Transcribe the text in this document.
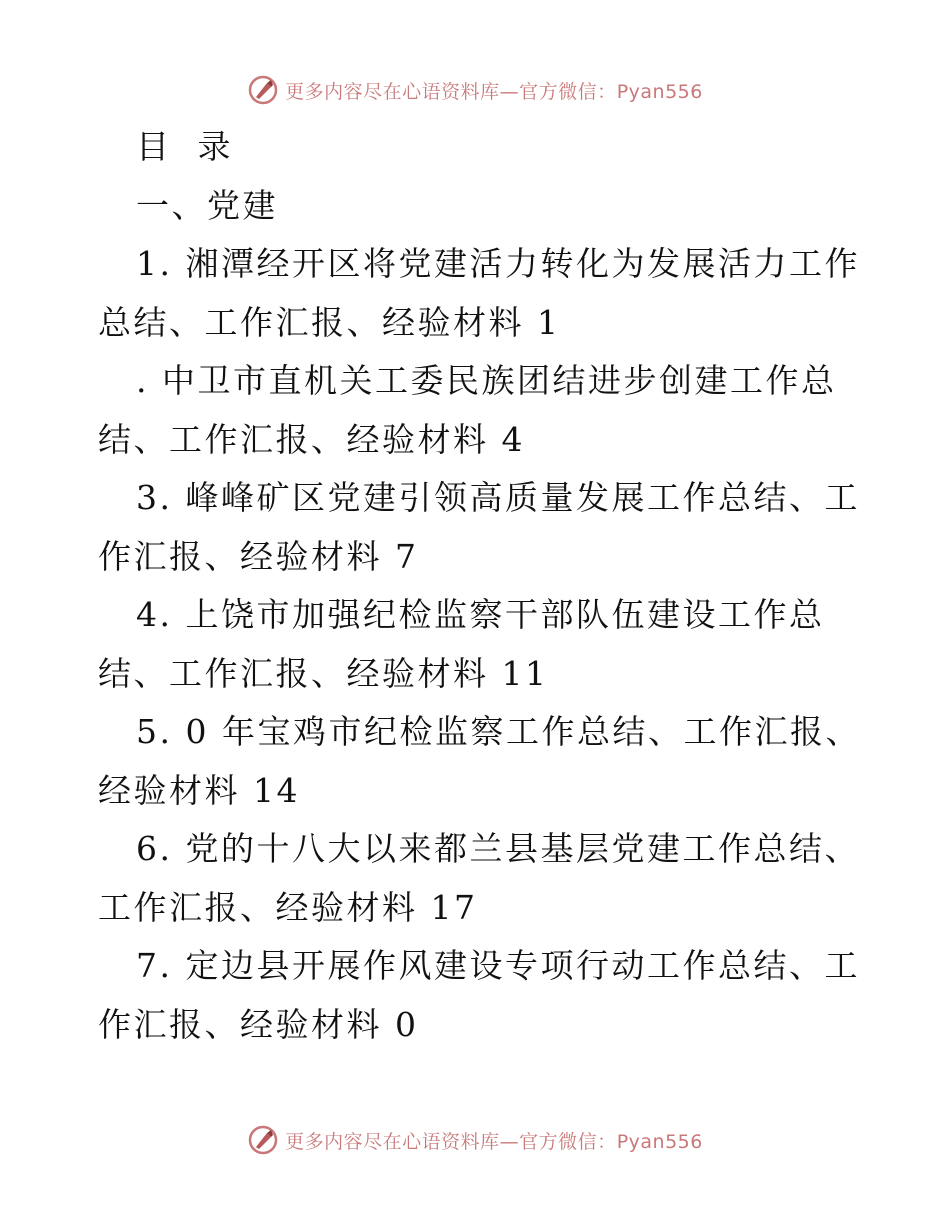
更多内容尽在心语资料库—官方微信：Pyan556
目  录
一、党建
1. 湘潭经开区将党建活力转化为发展活力工作
总结、工作汇报、经验材料 1
. 中卫市直机关工委民族团结进步创建工作总
结、工作汇报、经验材料 4
3. 峰峰矿区党建引领高质量发展工作总结、工
作汇报、经验材料 7
4. 上饶市加强纪检监察干部队伍建设工作总
结、工作汇报、经验材料 11
5. 0 年宝鸡市纪检监察工作总结、工作汇报、
经验材料 14
6. 党的十八大以来都兰县基层党建工作总结、
工作汇报、经验材料 17
7. 定边县开展作风建设专项行动工作总结、工
作汇报、经验材料 0
更多内容尽在心语资料库—官方微信：Pyan556
